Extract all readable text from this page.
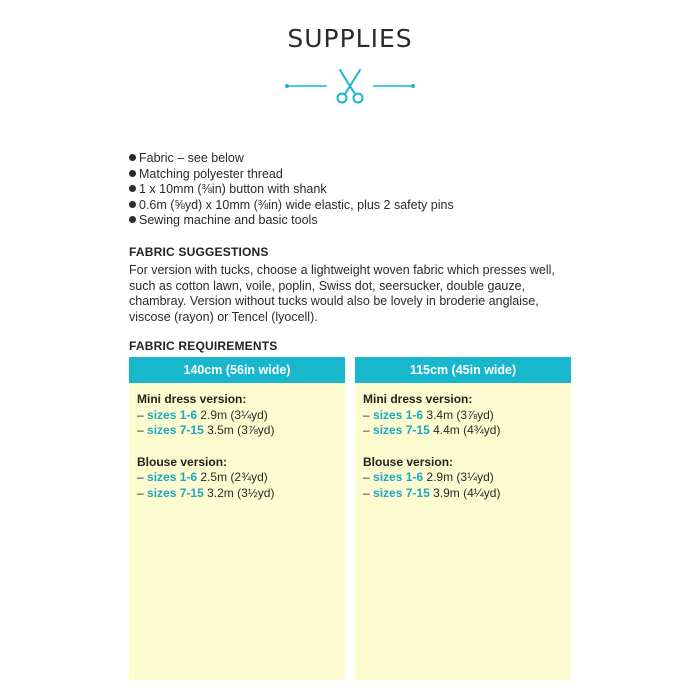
SUPPLIES
Fabric – see below
Matching polyester thread
1 x 10mm (⅜in) button with shank
0.6m (⅝yd) x 10mm (⅜in) wide elastic, plus 2 safety pins
Sewing machine and basic tools
FABRIC SUGGESTIONS

For version with tucks, choose a lightweight woven fabric which presses well, such as cotton lawn, voile, poplin, Swiss dot, seersucker, double gauze, chambray. Version without tucks would also be lovely in broderie anglaise, viscose (rayon) or Tencel (lyocell).

FABRIC REQUIREMENTS
140cm (56in wide)
Mini dress version:
– sizes 1-6 2.9m (3¼yd)
– sizes 7-15 3.5m (3⅞yd)
Blouse version:
– sizes 1-6 2.5m (2¾yd)
– sizes 7-15 3.2m (3½yd)
115cm (45in wide)
Mini dress version:
– sizes 1-6 3.4m (3⅞yd)
– sizes 7-15 4.4m (4¾yd)
Blouse version:
– sizes 1-6 2.9m (3¼yd)
– sizes 7-15 3.9m (4¼yd)
